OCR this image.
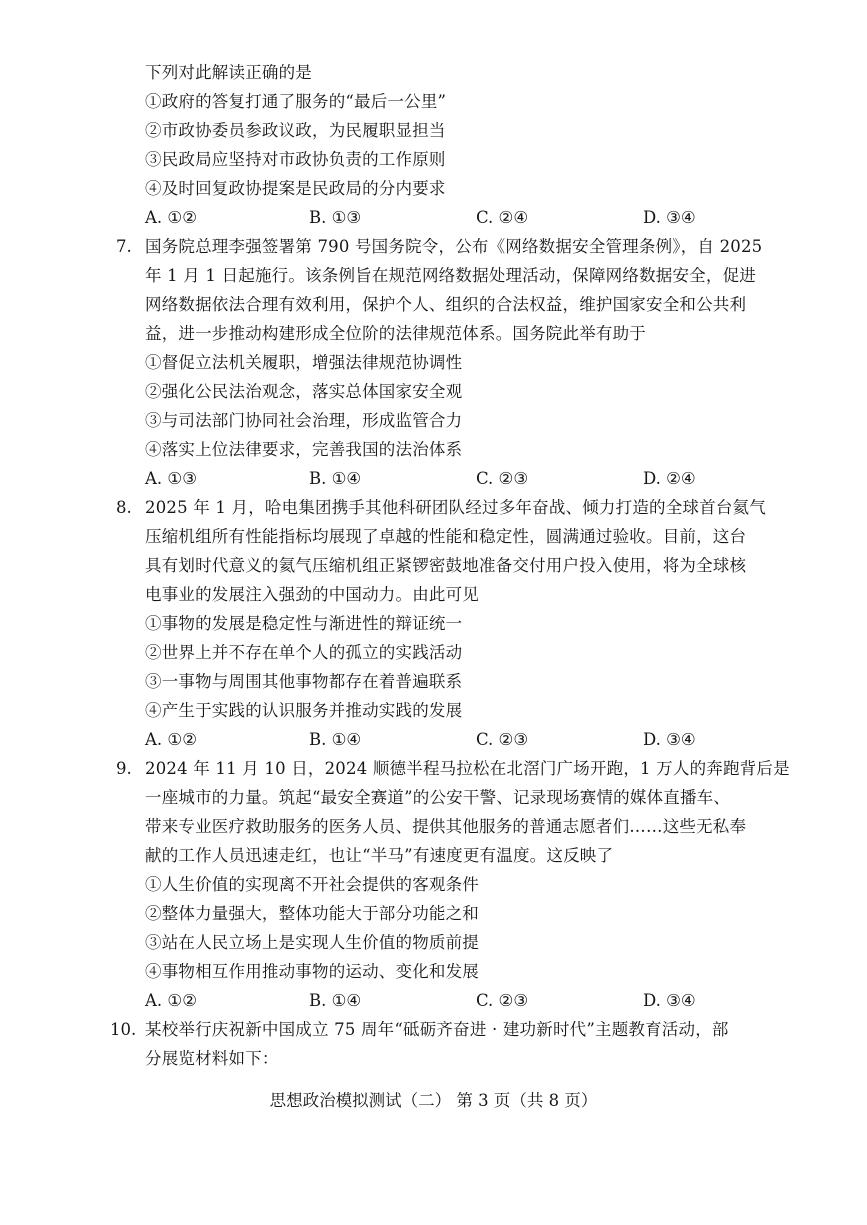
下列对此解读正确的是
①政府的答复打通了服务的“最后一公里”
②市政协委员参政议政，为民履职显担当
③民政局应坚持对市政协负责的工作原则
④及时回复政协提案是民政局的分内要求
A. ①②	B. ①③	C. ②④	D. ③④
7. 国务院总理李强签署第 790 号国务院令，公布《网络数据安全管理条例》，自 2025
年 1 月 1 日起施行。该条例旨在规范网络数据处理活动，保障网络数据安全，促进
网络数据依法合理有效利用，保护个人、组织的合法权益，维护国家安全和公共利
益，进一步推动构建形成全位阶的法律规范体系。国务院此举有助于
①督促立法机关履职，增强法律规范协调性
②强化公民法治观念，落实总体国家安全观
③与司法部门协同社会治理，形成监管合力
④落实上位法律要求，完善我国的法治体系
A. ①③	B. ①④	C. ②③	D. ②④
8. 2025 年 1 月，哈电集团携手其他科研团队经过多年奋战、倾力打造的全球首台氦气
压缩机组所有性能指标均展现了卓越的性能和稳定性，圆满通过验收。目前，这台
具有划时代意义的氦气压缩机组正紧锣密鼓地准备交付用户投入使用，将为全球核
电事业的发展注入强劲的中国动力。由此可见
①事物的发展是稳定性与渐进性的辩证统一
②世界上并不存在单个人的孤立的实践活动
③一事物与周围其他事物都存在着普遍联系
④产生于实践的认识服务并推动实践的发展
A. ①②	B. ①④	C. ②③	D. ③④
9. 2024 年 11 月 10 日，2024 顺德半程马拉松在北滘门广场开跑，1 万人的奔跑背后是
一座城市的力量。筑起“最安全赛道”的公安干警、记录现场赛情的媒体直播车、
带来专业医疗救助服务的医务人员、提供其他服务的普通志愿者们……这些无私奉
献的工作人员迅速走红，也让“半马”有速度更有温度。这反映了
①人生价值的实现离不开社会提供的客观条件
②整体力量强大，整体功能大于部分功能之和
③站在人民立场上是实现人生价值的物质前提
④事物相互作用推动事物的运动、变化和发展
A. ①②	B. ①④	C. ②③	D. ③④
10. 某校举行庆祝新中国成立 75 周年“砥砺齐奋进 · 建功新时代”主题教育活动，部
分展览材料如下：
思想政治模拟测试（二） 第 3 页（共 8 页）
